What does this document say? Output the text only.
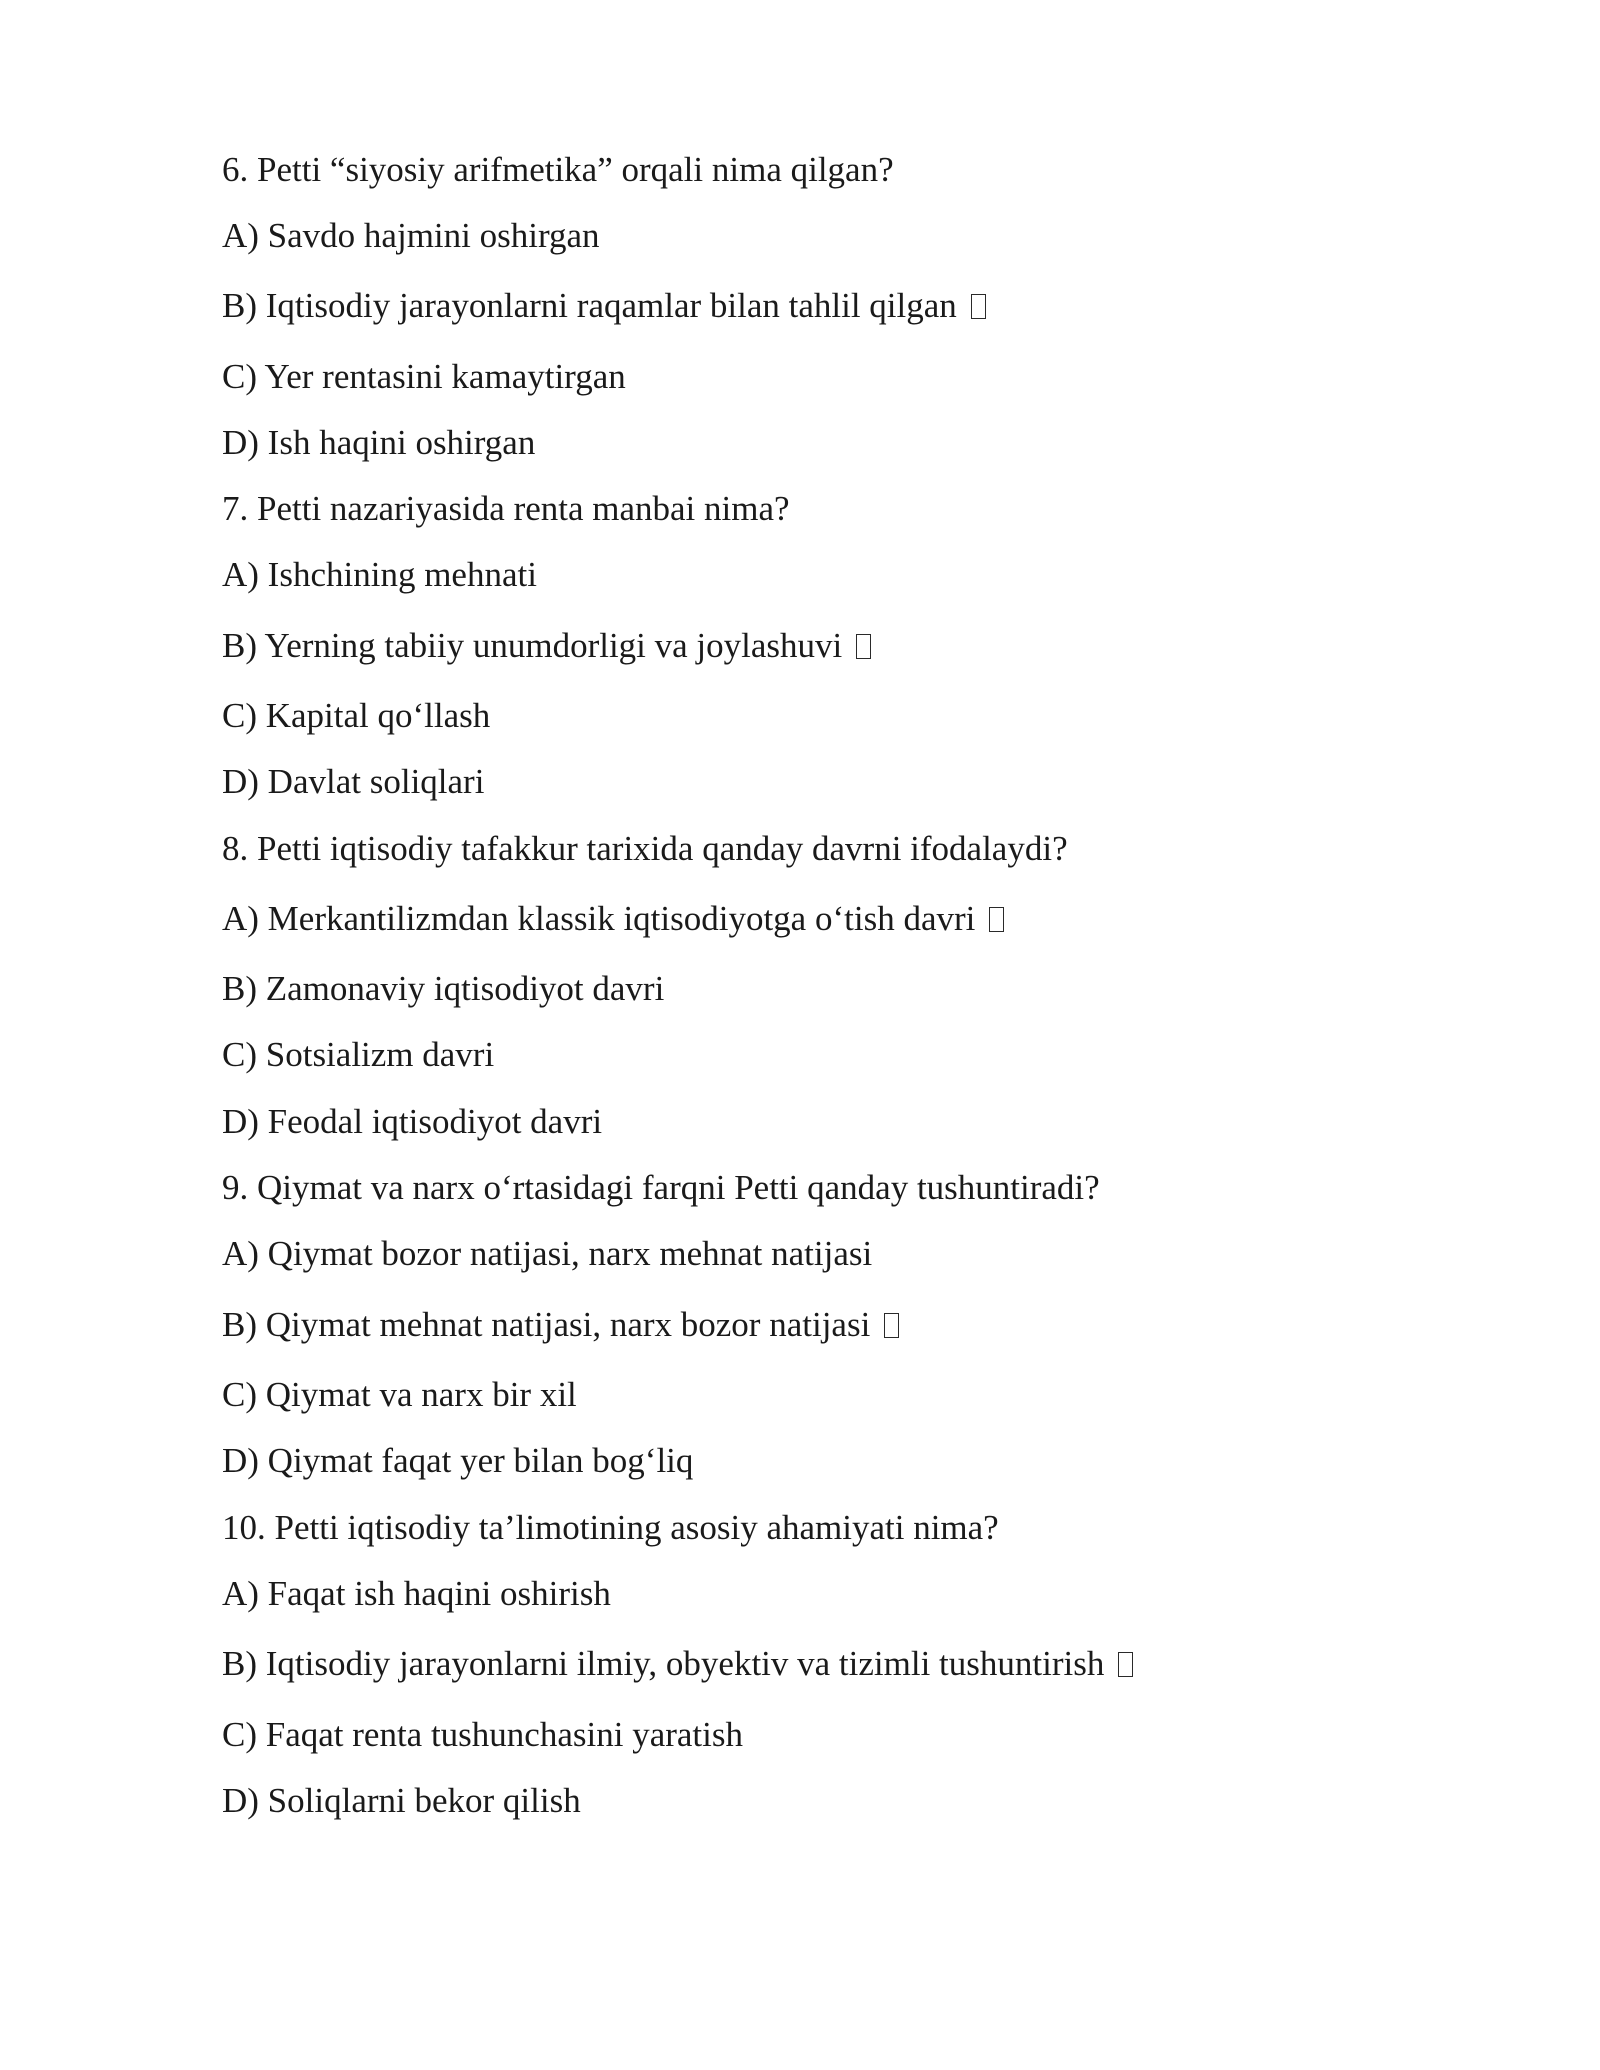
6. Petti “siyosiy arifmetika” orqali nima qilgan?
A) Savdo hajmini oshirgan
B) Iqtisodiy jarayonlarni raqamlar bilan tahlil qilgan
C) Yer rentasini kamaytirgan
D) Ish haqini oshirgan
7. Petti nazariyasida renta manbai nima?
A) Ishchining mehnati
B) Yerning tabiiy unumdorligi va joylashuvi
C) Kapital qo‘llash
D) Davlat soliqlari
8. Petti iqtisodiy tafakkur tarixida qanday davrni ifodalaydi?
A) Merkantilizmdan klassik iqtisodiyotga o‘tish davri
B) Zamonaviy iqtisodiyot davri
C) Sotsializm davri
D) Feodal iqtisodiyot davri
9. Qiymat va narx o‘rtasidagi farqni Petti qanday tushuntiradi?
A) Qiymat bozor natijasi, narx mehnat natijasi
B) Qiymat mehnat natijasi, narx bozor natijasi
C) Qiymat va narx bir xil
D) Qiymat faqat yer bilan bog‘liq
10. Petti iqtisodiy ta’limotining asosiy ahamiyati nima?
A) Faqat ish haqini oshirish
B) Iqtisodiy jarayonlarni ilmiy, obyektiv va tizimli tushuntirish
C) Faqat renta tushunchasini yaratish
D) Soliqlarni bekor qilish
